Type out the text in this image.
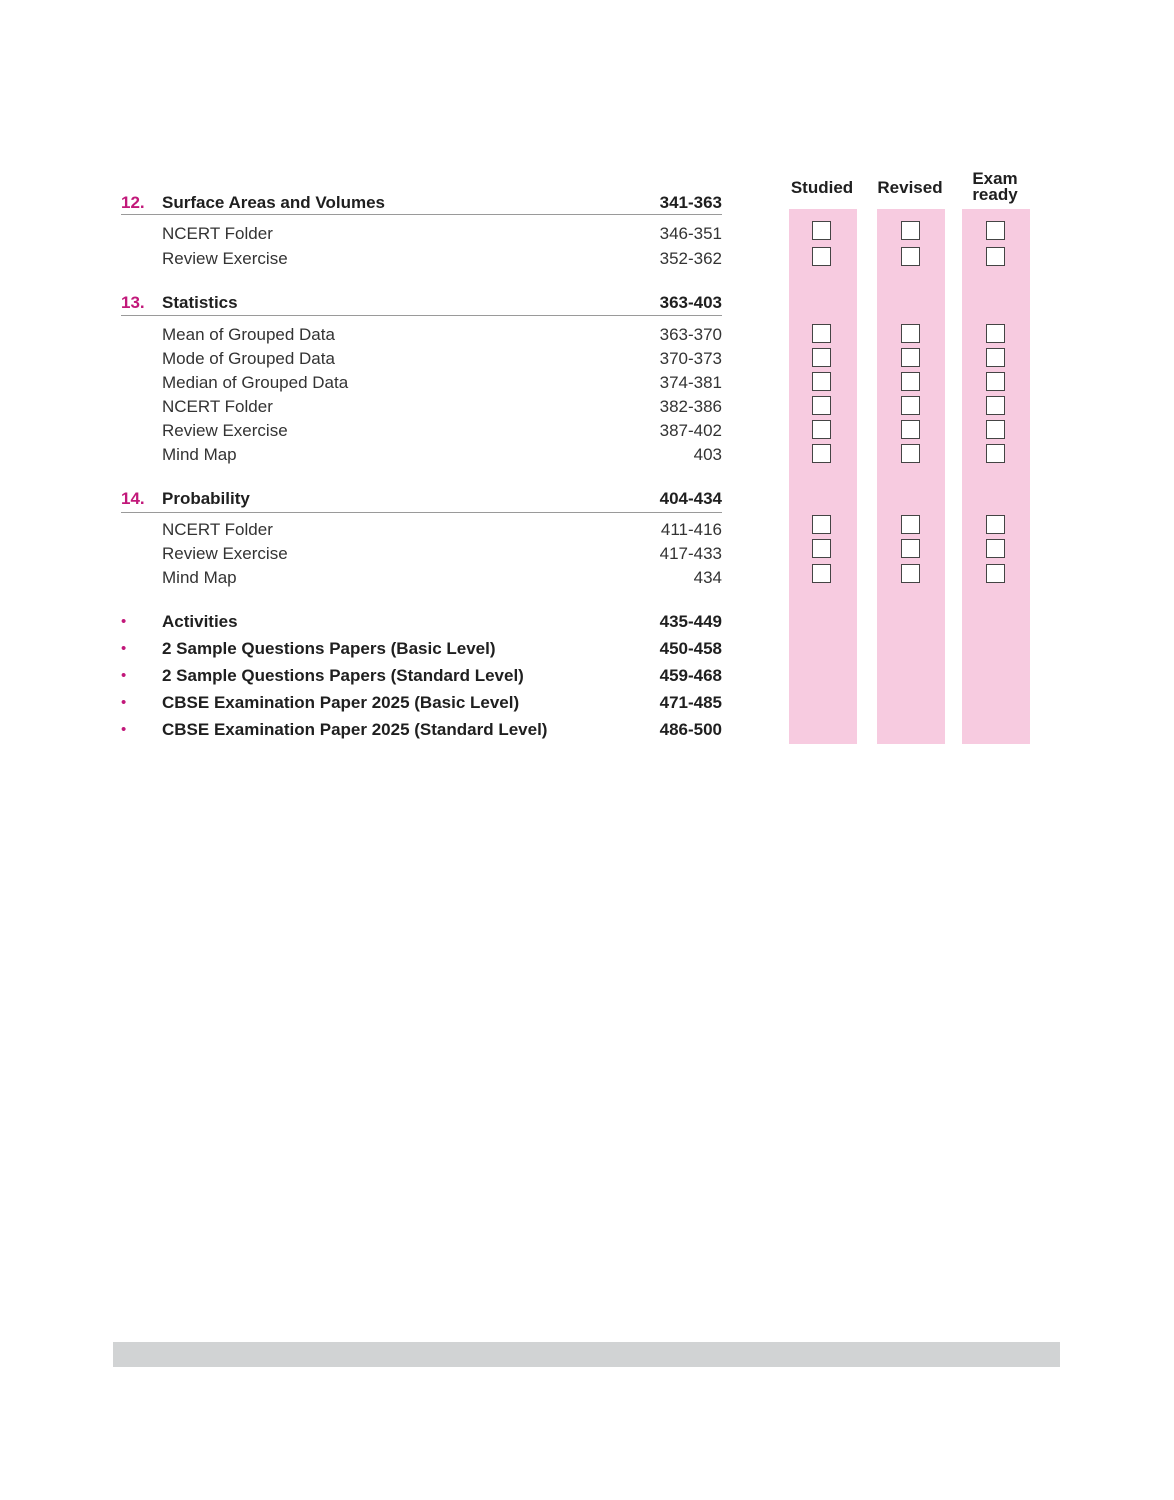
Studied	Revised	Exam
ready
12. Surface Areas and Volumes	341-363
NCERT Folder	346-351
Review Exercise	352-362
13. Statistics	363-403
Mean of Grouped Data	363-370
Mode of Grouped Data	370-373
Median of Grouped Data	374-381
NCERT Folder	382-386
Review Exercise	387-402
Mind Map	403
14. Probability	404-434
NCERT Folder	411-416
Review Exercise	417-433
Mind Map	434
• Activities	435-449
• 2 Sample Questions Papers (Basic Level)	450-458
• 2 Sample Questions Papers (Standard Level)	459-468
• CBSE Examination Paper 2025 (Basic Level)	471-485
• CBSE Examination Paper 2025 (Standard Level)	486-500
